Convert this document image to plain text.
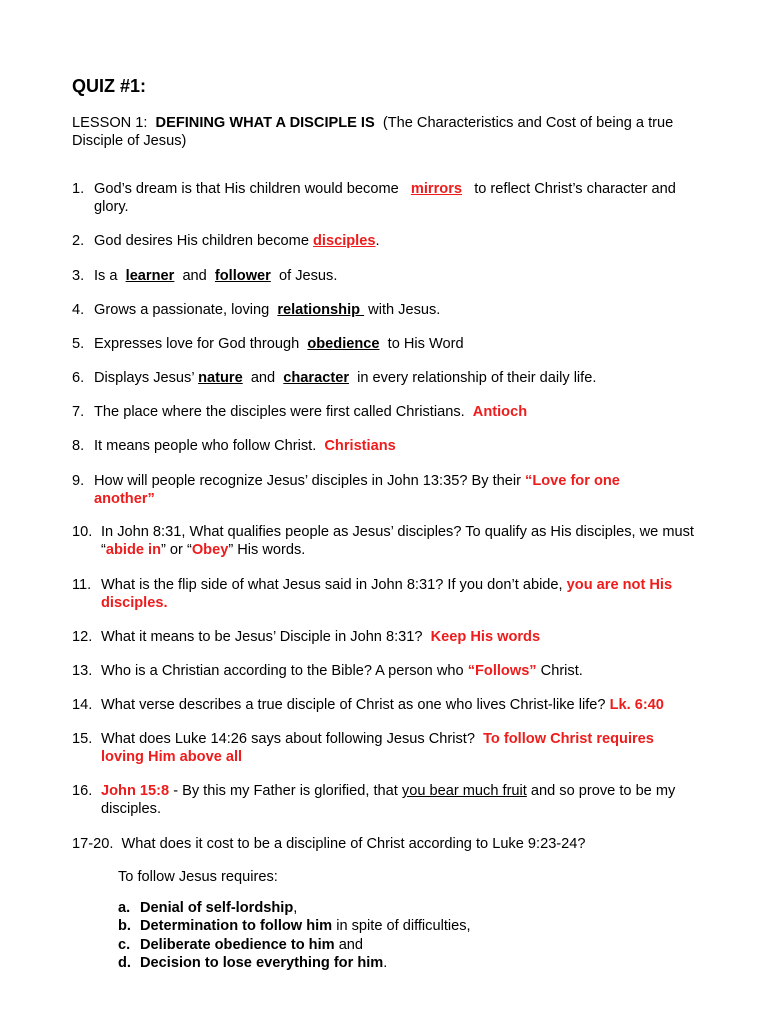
QUIZ #1:
LESSON 1: DEFINING WHAT A DISCIPLE IS (The Characteristics and Cost of being a true Disciple of Jesus)
1. God’s dream is that His children would become mirrors to reflect Christ’s character and glory.
2. God desires His children become disciples.
3. Is a learner and follower of Jesus.
4. Grows a passionate, loving relationship with Jesus.
5. Expresses love for God through obedience to His Word
6. Displays Jesus’ nature and character in every relationship of their daily life.
7. The place where the disciples were first called Christians. Antioch
8. It means people who follow Christ. Christians
9. How will people recognize Jesus’ disciples in John 13:35? By their “Love for one another”
10. In John 8:31, What qualifies people as Jesus’ disciples? To qualify as His disciples, we must “abide in” or “Obey” His words.
11. What is the flip side of what Jesus said in John 8:31? If you don’t abide, you are not His disciples.
12. What it means to be Jesus’ Disciple in John 8:31? Keep His words
13. Who is a Christian according to the Bible? A person who “Follows” Christ.
14. What verse describes a true disciple of Christ as one who lives Christ-like life? Lk. 6:40
15. What does Luke 14:26 says about following Jesus Christ? To follow Christ requires loving Him above all
16. John 15:8 - By this my Father is glorified, that you bear much fruit and so prove to be my disciples.
17-20. What does it cost to be a discipline of Christ according to Luke 9:23-24?
To follow Jesus requires:
a. Denial of self-lordship,
b. Determination to follow him in spite of difficulties,
c. Deliberate obedience to him and
d. Decision to lose everything for him.
